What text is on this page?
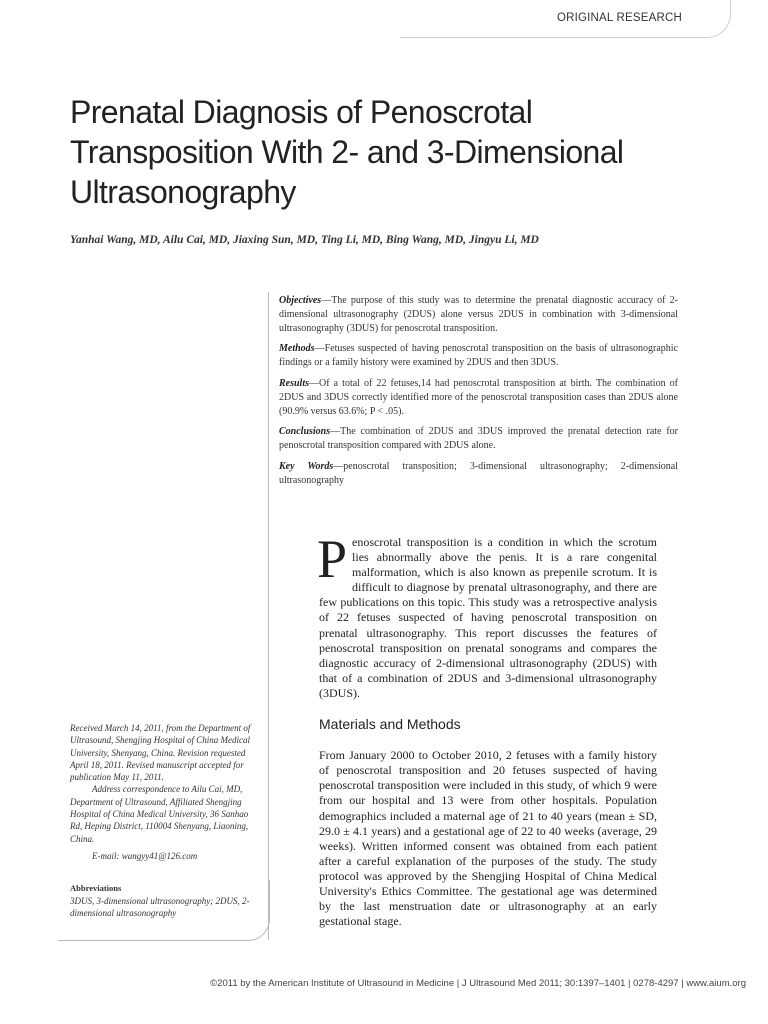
ORIGINAL RESEARCH
Prenatal Diagnosis of Penoscrotal
Transposition With 2- and 3-Dimensional
Ultrasonography
Yanhai Wang, MD, Ailu Cai, MD, Jiaxing Sun, MD, Ting Li, MD, Bing Wang, MD, Jingyu Li, MD

Objectives—The purpose of this study was to determine the prenatal diagnostic accuracy of 2-dimensional ultrasonography (2DUS) alone versus 2DUS in combination with 3-dimensional ultrasonography (3DUS) for penoscrotal transposition.

Methods—Fetuses suspected of having penoscrotal transposition on the basis of ultrasonographic findings or a family history were examined by 2DUS and then 3DUS.

Results—Of a total of 22 fetuses,14 had penoscrotal transposition at birth. The combination of 2DUS and 3DUS correctly identified more of the penoscrotal transposition cases than 2DUS alone (90.9% versus 63.6%; P < .05).

Conclusions—The combination of 2DUS and 3DUS improved the prenatal detection rate for penoscrotal transposition compared with 2DUS alone.

Key Words—penoscrotal transposition; 3-dimensional ultrasonography; 2-dimensional ultrasonography

Penoscrotal transposition is a condition in which the scrotum lies abnormally above the penis. It is a rare congenital malformation, which is also known as prepenile scrotum. It is difficult to diagnose by prenatal ultrasonography, and there are few publications on this topic. This study was a retrospective analysis of 22 fetuses suspected of having penoscrotal transposition on prenatal ultrasonography. This report discusses the features of penoscrotal transposition on prenatal sonograms and compares the diagnostic accuracy of 2-dimensional ultrasonography (2DUS) with that of a combination of 2DUS and 3-dimensional ultrasonography (3DUS).

Materials and Methods

From January 2000 to October 2010, 2 fetuses with a family history of penoscrotal transposition and 20 fetuses suspected of having penoscrotal transposition were included in this study, of which 9 were from our hospital and 13 were from other hospitals. Population demographics included a maternal age of 21 to 40 years (mean ± SD, 29.0 ± 4.1 years) and a gestational age of 22 to 40 weeks (average, 29 weeks). Written informed consent was obtained from each patient after a careful explanation of the purposes of the study. The study protocol was approved by the Shengjing Hospital of China Medical University's Ethics Committee. The gestational age was determined by the last menstruation date or ultrasonography at an early gestational stage.

Received March 14, 2011, from the Department of Ultrasound, Shengjing Hospital of China Medical University, Shenyang, China. Revision requested April 18, 2011. Revised manuscript accepted for publication May 11, 2011.

Address correspondence to Ailu Cai, MD, Department of Ultrasound, Affiliated Shengjing Hospital of China Medical University, 36 Sanhao Rd, Heping District, 110004 Shenyang, Liaoning, China.

E-mail: wangyy41@126.com

Abbreviations

3DUS, 3-dimensional ultrasonography; 2DUS, 2-dimensional ultrasonography

©2011 by the American Institute of Ultrasound in Medicine | J Ultrasound Med 2011; 30:1397–1401 | 0278-4297 | www.aium.org
